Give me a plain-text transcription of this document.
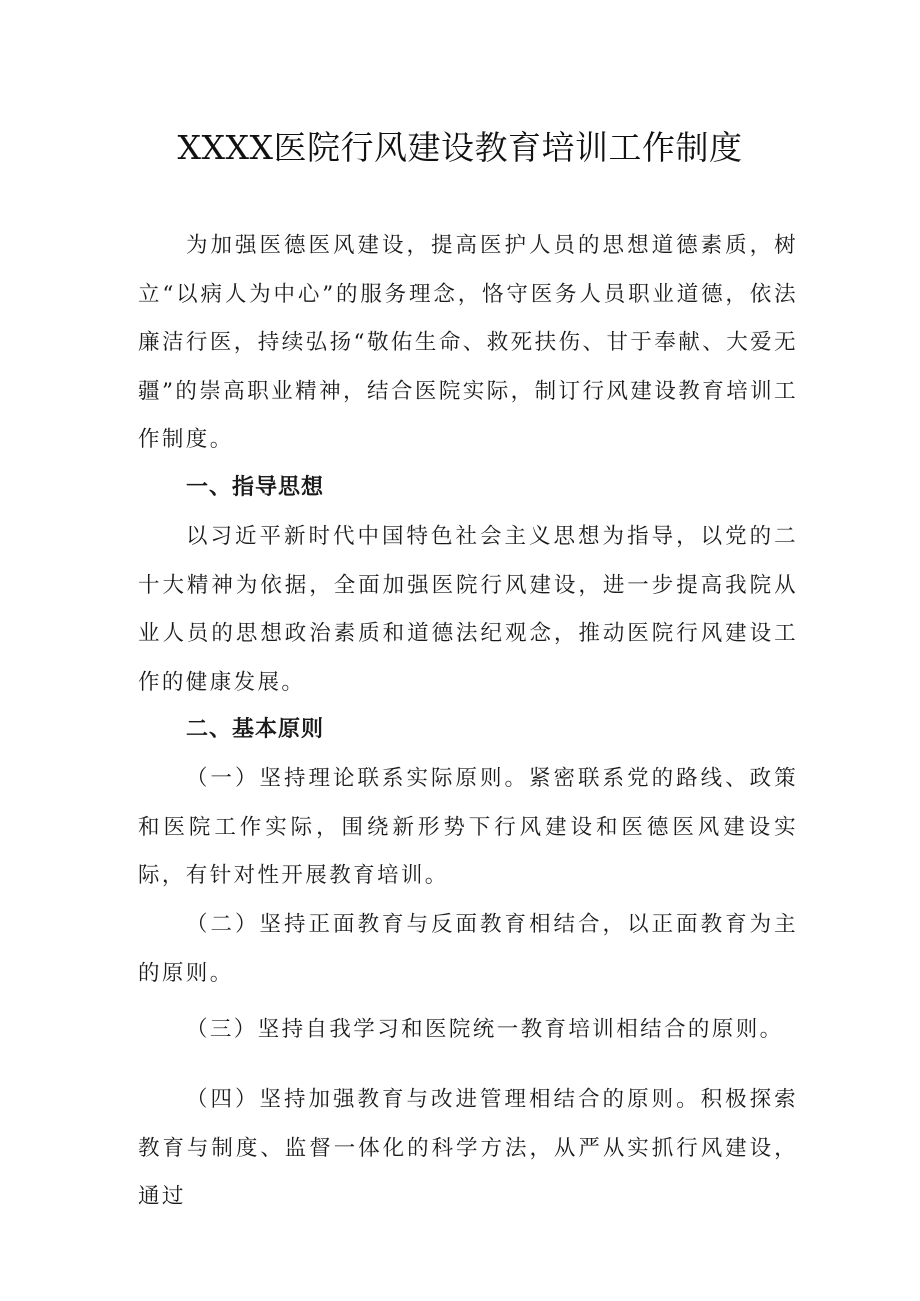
XXXX医院行风建设教育培训工作制度
为加强医德医风建设，提高医护人员的思想道德素质，树立“以病人为中心”的服务理念，恪守医务人员职业道德，依法廉洁行医，持续弘扬“敬佑生命、救死扶伤、甘于奉献、大爱无疆”的崇高职业精神，结合医院实际，制订行风建设教育培训工作制度。
一、指导思想
以习近平新时代中国特色社会主义思想为指导，以党的二十大精神为依据，全面加强医院行风建设，进一步提高我院从业人员的思想政治素质和道德法纪观念，推动医院行风建设工作的健康发展。
二、基本原则
（一）坚持理论联系实际原则。紧密联系党的路线、政策和医院工作实际，围绕新形势下行风建设和医德医风建设实际，有针对性开展教育培训。
（二）坚持正面教育与反面教育相结合，以正面教育为主的原则。
（三）坚持自我学习和医院统一教育培训相结合的原则。
（四）坚持加强教育与改进管理相结合的原则。积极探索教育与制度、监督一体化的科学方法，从严从实抓行风建设，通过
